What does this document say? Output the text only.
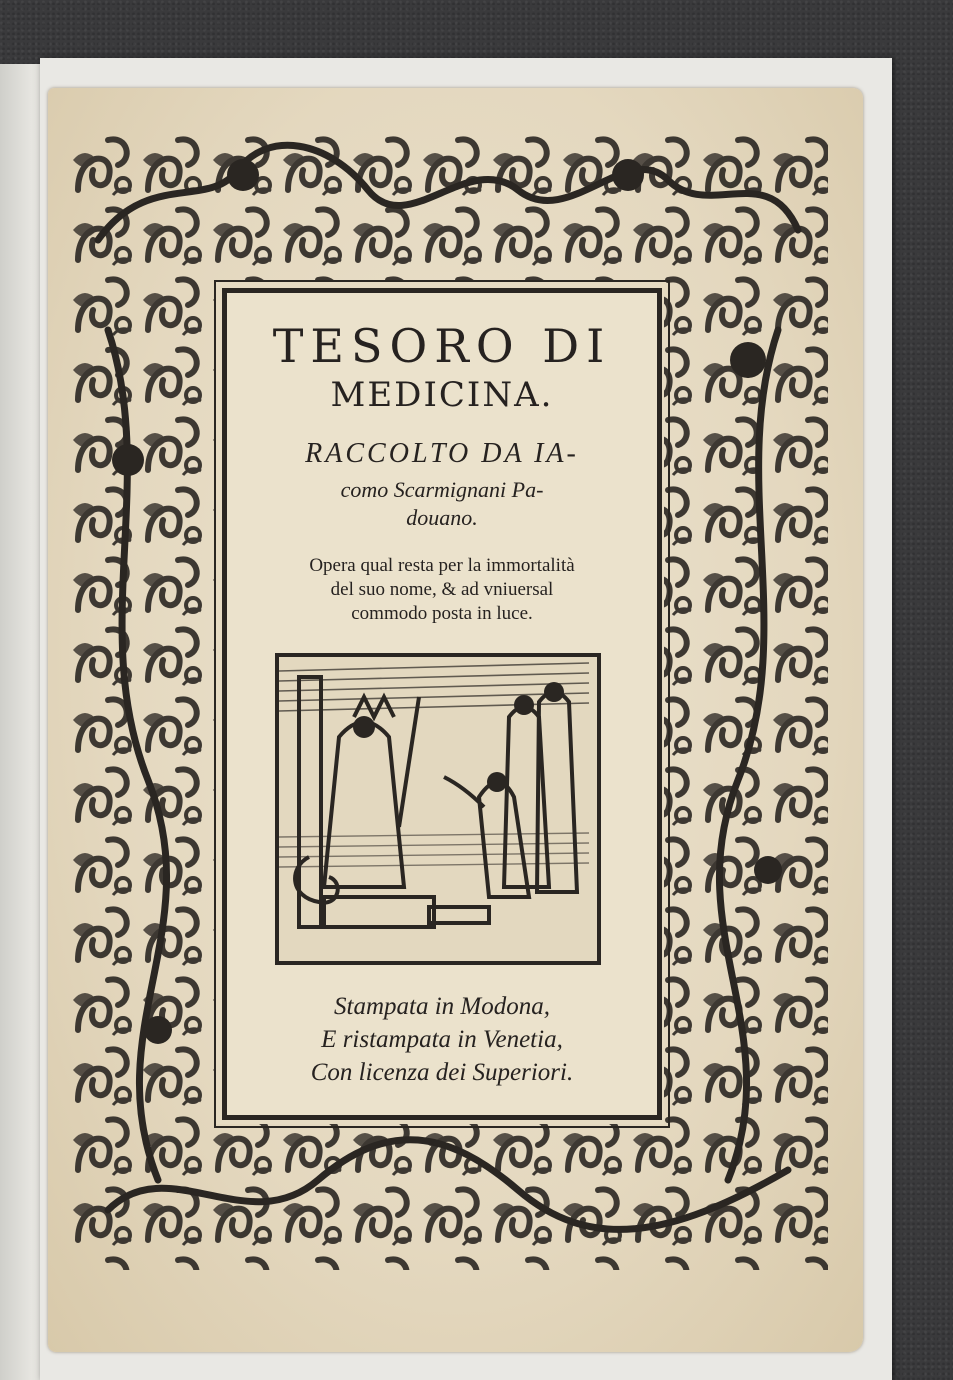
TESORO DI
MEDICINA.
RACCOLTO DA IA-
como Scarmignani Pa-
douano.
Opera qual resta per la immortalità
del suo nome, & ad vniuersal
commodo posta in luce.
Stampata in Modona,
E ristampata in Venetia,
Con licenza dei Superiori.
